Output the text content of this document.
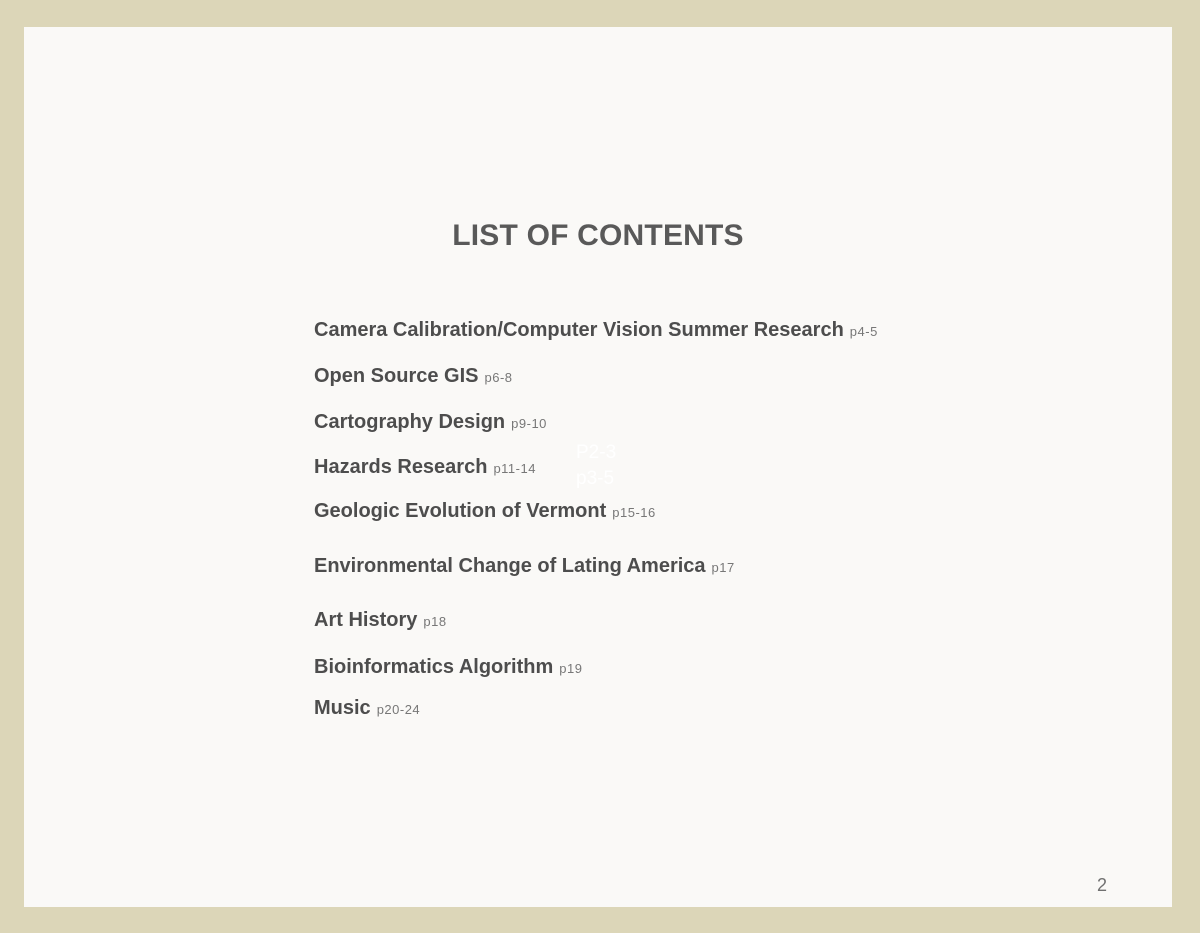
LIST OF CONTENTS
Camera Calibration/Computer Vision Summer Research p4-5
Open Source GIS p6-8
Cartography Design p9-10
Hazards Research p11-14
Geologic Evolution of Vermont p15-16
Environmental Change of Lating America p17
Art History p18
Bioinformatics Algorithm p19
Music p20-24
P2-3
p3-5
2
